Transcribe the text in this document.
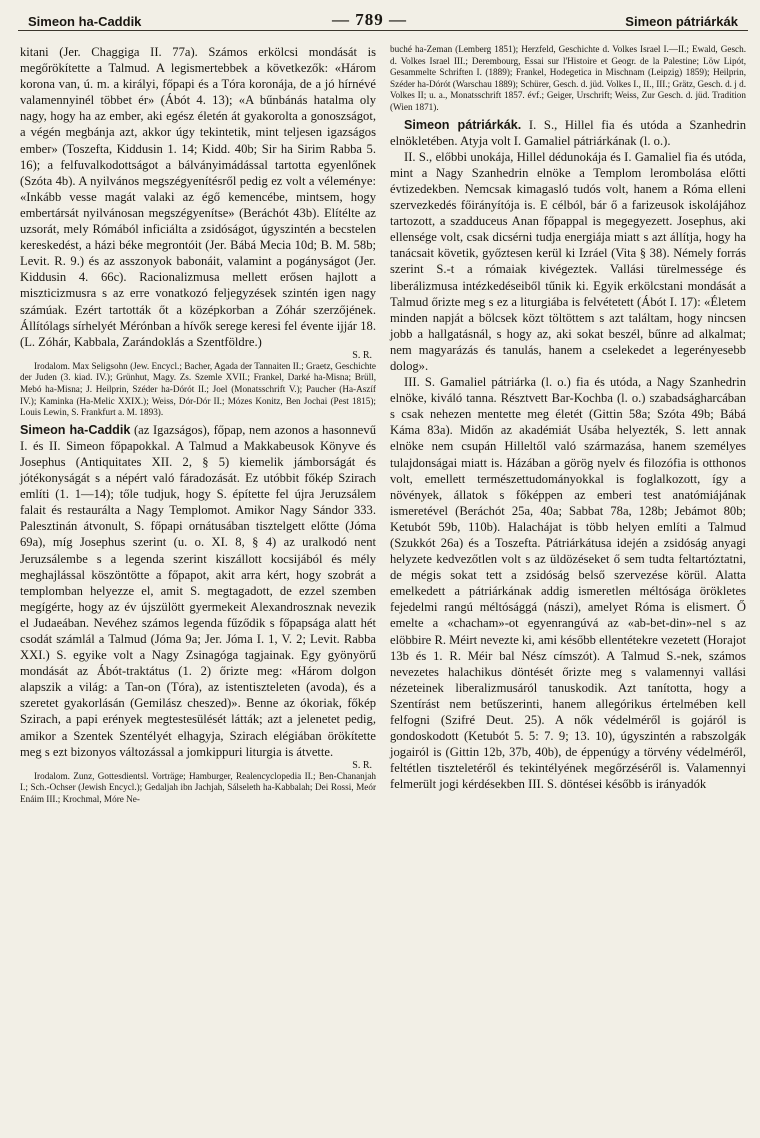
Simeon ha-Caddik	— 789 —	Simeon pátriárkák

kitani (Jer. Chaggiga II. 77a). Számos erkölcsi mondását is megőrökítette a Talmud. A legismertebbek a következők: «Három korona van, ú. m. a királyi, főpapi és a Tóra koronája, de a jó hírnévé valamennyinél többet ér» (Ábót 4. 13); «A bűnbánás hatalma oly nagy, hogy ha az ember, aki egész életén át gyakorolta a gonoszságot, a végén megbánja azt, akkor úgy tekintetik, mint teljesen igazságos ember» (Toszefta, Kiddusin 1. 14; Kidd. 40b; Sir ha Sirim Rabba 5. 16); a felfuvalkodottságot a bálványimádással tartotta egyenlőnek (Szóta 4b). A nyilvános megszégyenítésről pedig ez volt a véleménye: «Inkább vesse magát valaki az égő kemencébe, mintsem, hogy embertársát nyilvánosan megszégyenítse» (Beráchót 43b). Elítélte az uzsorát, mely Rómából inficiálta a zsidóságot, úgyszintén a becstelen kereskedést, a házi béke megrontóit (Jer. Bábá Mecia 10d; B. M. 58b; Levit. R. 9.) és az asszonyok babonáit, valamint a pogányságot (Jer. Kiddusin 4. 66c). Racionalizmusa mellett erősen hajlott a miszticizmusra s az erre vonatkozó feljegyzések szintén igen nagy számúak. Ezért tartották őt a középkorban a Zóhár szerzőjének. Állítólags sírhelyét Mérónban a hívők serege keresi fel évente ijjár 18. (L. Zóhár, Kabbala, Zarándoklás a Szentföldre.)

S. R.

Irodalom. Max Seligsohn (Jew. Encycl.; Bacher, Agada der Tannaiten II.; Graetz, Geschichte der Juden (3. kiad. IV.); Grünhut, Magy. Zs. Szemle XVII.; Frankel, Darké ha-Misna; Brüll, Mebó ha-Misna; J. Heilprin, Széder ha-Dórót II.; Joel (Monatsschrift V.); Paucher (Ha-Aszíf IV.); Kaminka (Ha-Melic XXIX.); Weiss, Dór-Dór II.; Mózes Konitz, Ben Jochai (Pest 1815); Louis Lewin, S. Frankfurt a. M. 1893).

Simeon ha-Caddik (az Igazságos), főpap, nem azonos a hasonnevű I. és II. Simeon főpapokkal. A Talmud a Makkabeusok Könyve és Josephus (Antiquitates XII. 2, § 5) kiemelik jámborságát és jótékonyságát s a népért való fáradozását. Ez utóbbit főkép Szirach említi (1. 1—14); tőle tudjuk, hogy S. építette fel újra Jeruzsálem falait és restaurálta a Nagy Templomot. Amikor Nagy Sándor 333. Palesztinán átvonult, S. főpapi ornátusában tisztelgett előtte (Jóma 69a), míg Josephus szerint (u. o. XI. 8, § 4) az uralkodó nent Jeruzsálembe s a legenda szerint kiszállott kocsijából és mély meghajlással köszöntötte a főpapot, akit arra kért, hogy szobrát a templomban helyezze el, amit S. megtagadott, de ezzel szemben megígérte, hogy az év újszülött gyermekeit Alexandrosznak nevezik el Judaeában. Nevéhez számos legenda fűződik s főpapsága alatt hét csodát számlál a Talmud (Jóma 9a; Jer. Jóma I. 1, V. 2; Levit. Rabba XXI.) S. egyike volt a Nagy Zsinagóga tagjainak. Egy gyönyörű mondását az Ábót-traktátus (1. 2) őrizte meg: «Három dolgon alapszik a világ: a Tan-on (Tóra), az istentiszteleten (avoda), és a szeretet gyakorlásán (Gemilász cheszed)». Benne az ókoriak, főkép Szirach, a papi erények megtestesülését látták; azt a jelenetet pedig, amikor a Szentek Szentélyét elhagyja, Szirach elégiában örökítette meg s ezt bizonyos változással a jomkippuri liturgia is átvette.

S. R.

Irodalom. Zunz, Gottesdientsl. Vorträge; Hamburger, Realencyclopedia II.; Ben-Chananjah I.; Sch.-Ochser (Jewish Encycl.); Gedaljah ibn Jachjah, Sálseleth ha-Kabbalah; Dei Rossi, Meór Enáim III.; Krochmal, Móre Ne-

buché ha-Zeman (Lemberg 1851); Herzfeld, Geschichte d. Volkes Israel I.—II.; Ewald, Gesch. d. Volkes Israel III.; Derembourg, Essai sur l'Histoire et Geogr. de la Palestine; Löw Lipót, Gesammelte Schriften I. (1889); Frankel, Hodegetica in Mischnam (Leipzig) 1859); Heilprin, Széder ha-Dórót (Warschau 1889); Schürer, Gesch. d. jüd. Volkes I., II., III.; Grätz, Gesch. d. j d. Volkes II; u. a., Monatsschrift 1857. évf.; Geiger, Urschrift; Weiss, Zur Gesch. d. jüd. Tradition (Wien 1871).

Simeon pátriárkák. I. S., Hillel fia és utóda a Szanhedrin elnökletében. Atyja volt I. Gamaliel pátriárkának (l. o.).

II. S., előbbi unokája, Hillel dédunokája és I. Gamaliel fia és utóda, mint a Nagy Szanhedrin elnöke a Templom lerombolása előtti évtizedekben. Nemcsak kimagasló tudós volt, hanem a Róma elleni szervezkedés főirányítója is. E célból, bár ő a farizeusok iskolájához tartozott, a szadduceus Anan főpappal is megegyezett. Josephus, aki ellensége volt, csak dicsérni tudja energiája miatt s azt állítja, hogy ha tanácsait követik, győztesen kerül ki Izráel (Vita § 38). Némely forrás szerint S.-t a rómaiak kivégeztek. Vallási türelmessége és liberálizmusa intézkedéseiből tűnik ki. Egyik erkölcstani mondását a Talmud őrizte meg s ez a liturgiába is felvétetett (Ábót I. 17): «Életem minden napját a bölcsek közt töltöttem s azt találtam, hogy nincsen jobb a hallgatásnál, s hogy az, aki sokat beszél, bűnre ad alkalmat; nem magyarázás és tanulás, hanem a cselekedet a legerényesebb dolog».

III. S. Gamaliel pátriárka (l. o.) fia és utóda, a Nagy Szanhedrin elnöke, kiváló tanna. Résztvett Bar-Kochba (l. o.) szabadságharcában s csak nehezen mentette meg életét (Gittin 58a; Szóta 49b; Bábá Káma 83a). Midőn az akadémiát Usába helyezték, S. lett annak elnöke nem csupán Hilleltől való származása, hanem személyes tulajdonságai miatt is. Házában a görög nyelv és filozófia is otthonos volt, emellett természettudományokkal is foglalkozott, így a növények, állatok s főképpen az emberi test anatómiájának ismeretével (Beráchót 25a, 40a; Sabbat 78a, 128b; Jebámot 80b; Ketubót 59b, 110b). Halachájat is több helyen említi a Talmud (Szukkót 26a) és a Toszefta. Pátriárkátusa idején a zsidóság anyagi helyzete kedvezőtlen volt s az üldözéseket ő sem tudta feltartóztatni, de mégis sokat tett a zsidóság belső szervezése körül. Alatta emelkedett a pátriárkának addig ismeretlen méltósága örökletes fejedelmi rangú méltósággá (nászi), amelyet Róma is elismert. Ő emelte a «chacham»-ot egyenrangúvá az «ab-bet-din»-nel s az elöbbire R. Méirt nevezte ki, ami később ellentétekre vezetett (Horajot 13b és 1. R. Méir bal Nész címszót). A Talmud S.-nek, számos nevezetes halachikus döntését őrizte meg s valamennyi vallási nézeteinek liberalizmusáról tanuskodik. Azt tanította, hogy a Szentírást nem betűszerinti, hanem allegórikus értelmében kell felfogni (Szifré Deut. 25). A nők védelméről is gojáról is gondoskodott (Ketubót 5. 5: 7. 9; 13. 10), úgyszintén a rabszolgák jogairól is (Gittin 12b, 37b, 40b), de éppenúgy a törvény védelméről, feltétlen tiszteletéről és tekintélyének megőrzéséről is. Valamennyi felmerült jogi kérdésekben III. S. döntései később is irányadók
